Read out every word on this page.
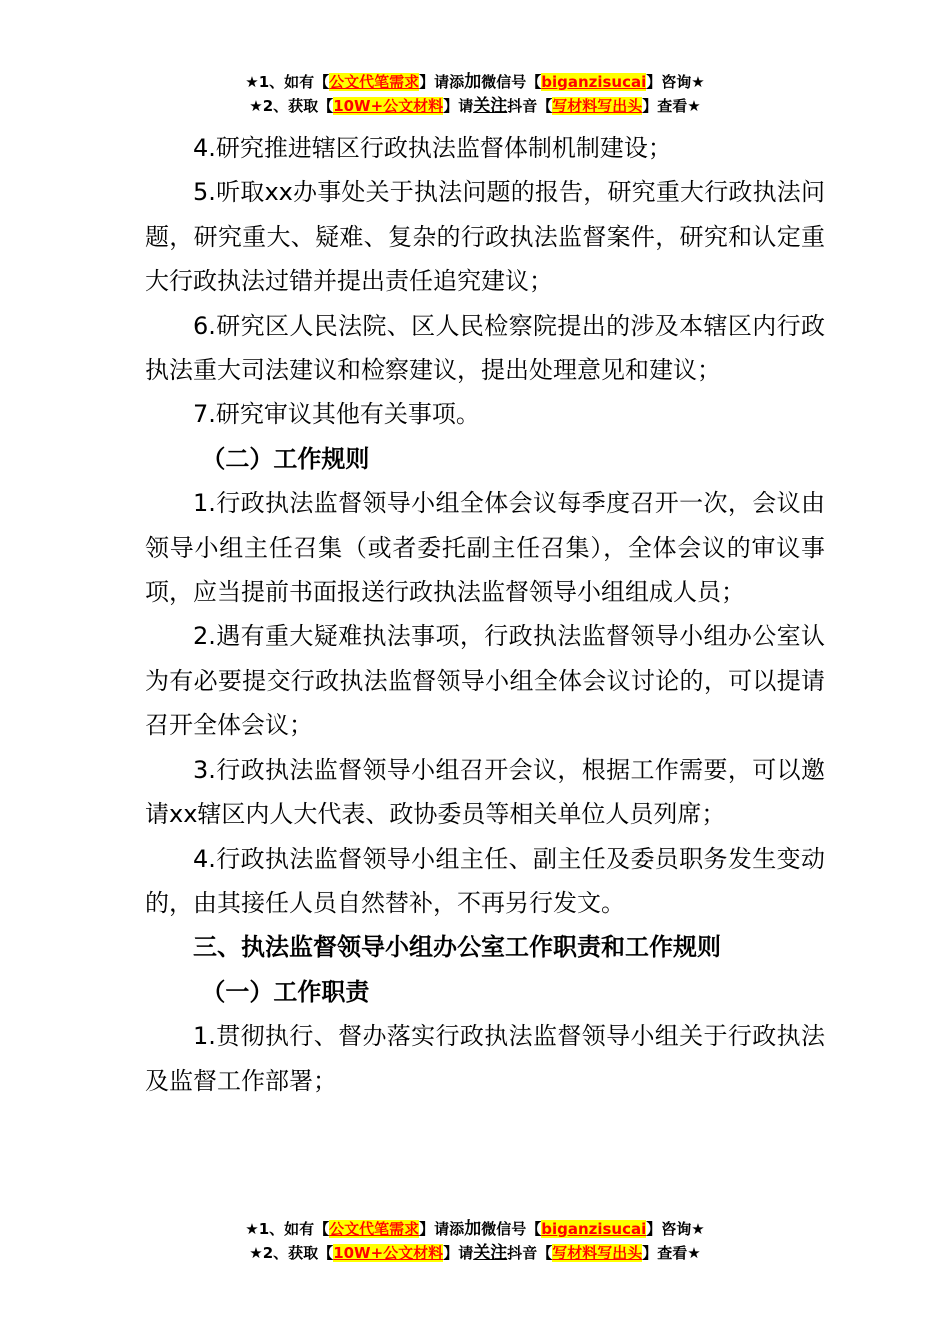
★1、如有【公文代笔需求】请添加微信号【biganzisucai】咨询★
★2、获取【10W+公文材料】请关注抖音【写材料写出头】查看★

4.研究推进辖区行政执法监督体制机制建设；

5.听取xx办事处关于执法问题的报告，研究重大行政执法问题，研究重大、疑难、复杂的行政执法监督案件，研究和认定重大行政执法过错并提出责任追究建议；

6.研究区人民法院、区人民检察院提出的涉及本辖区内行政执法重大司法建议和检察建议，提出处理意见和建议；

7.研究审议其他有关事项。

（二）工作规则

1.行政执法监督领导小组全体会议每季度召开一次，会议由领导小组主任召集（或者委托副主任召集），全体会议的审议事项，应当提前书面报送行政执法监督领导小组组成人员；

2.遇有重大疑难执法事项，行政执法监督领导小组办公室认为有必要提交行政执法监督领导小组全体会议讨论的，可以提请召开全体会议；

3.行政执法监督领导小组召开会议，根据工作需要，可以邀请xx辖区内人大代表、政协委员等相关单位人员列席；

4.行政执法监督领导小组主任、副主任及委员职务发生变动的，由其接任人员自然替补，不再另行发文。

三、执法监督领导小组办公室工作职责和工作规则

（一）工作职责

1.贯彻执行、督办落实行政执法监督领导小组关于行政执法及监督工作部署；

★1、如有【公文代笔需求】请添加微信号【biganzisucai】咨询★
★2、获取【10W+公文材料】请关注抖音【写材料写出头】查看★
